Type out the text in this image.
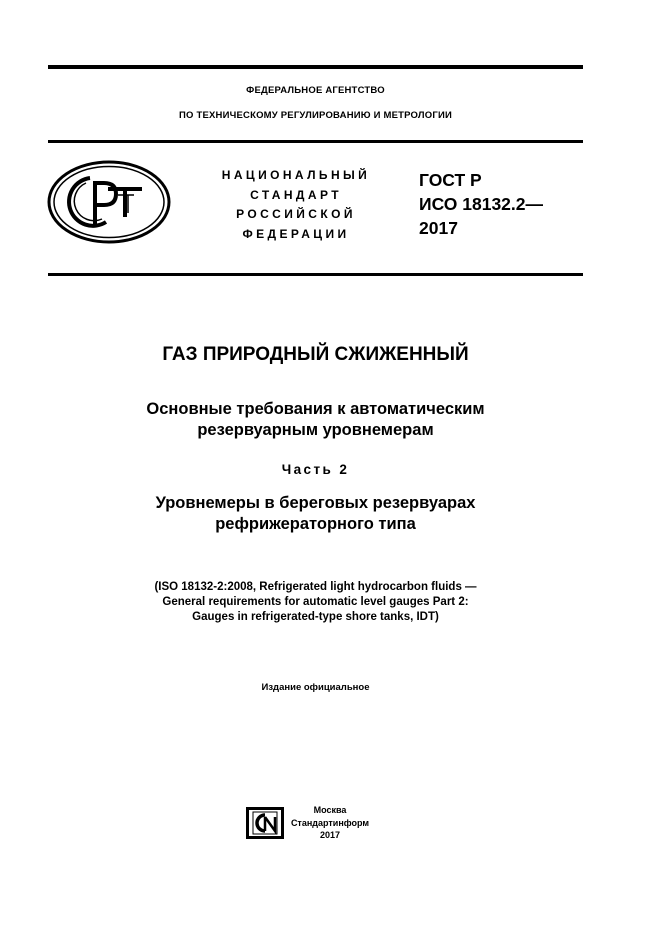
ФЕДЕРАЛЬНОЕ АГЕНТСТВО
ПО ТЕХНИЧЕСКОМУ РЕГУЛИРОВАНИЮ И МЕТРОЛОГИИ
НАЦИОНАЛЬНЫЙ
СТАНДАРТ
РОССИЙСКОЙ
ФЕДЕРАЦИИ
ГОСТ Р
ИСО 18132.2—
2017
ГАЗ ПРИРОДНЫЙ СЖИЖЕННЫЙ
Основные требования к автоматическим
резервуарным уровнемерам
Часть 2
Уровнемеры в береговых резервуарах
рефрижераторного типа
(ISO 18132-2:2008, Refrigerated light hydrocarbon fluids —
General requirements for automatic level gauges Part 2:
Gauges in refrigerated-type shore tanks, IDT)
Издание официальное
Москва
Стандартинформ
2017
